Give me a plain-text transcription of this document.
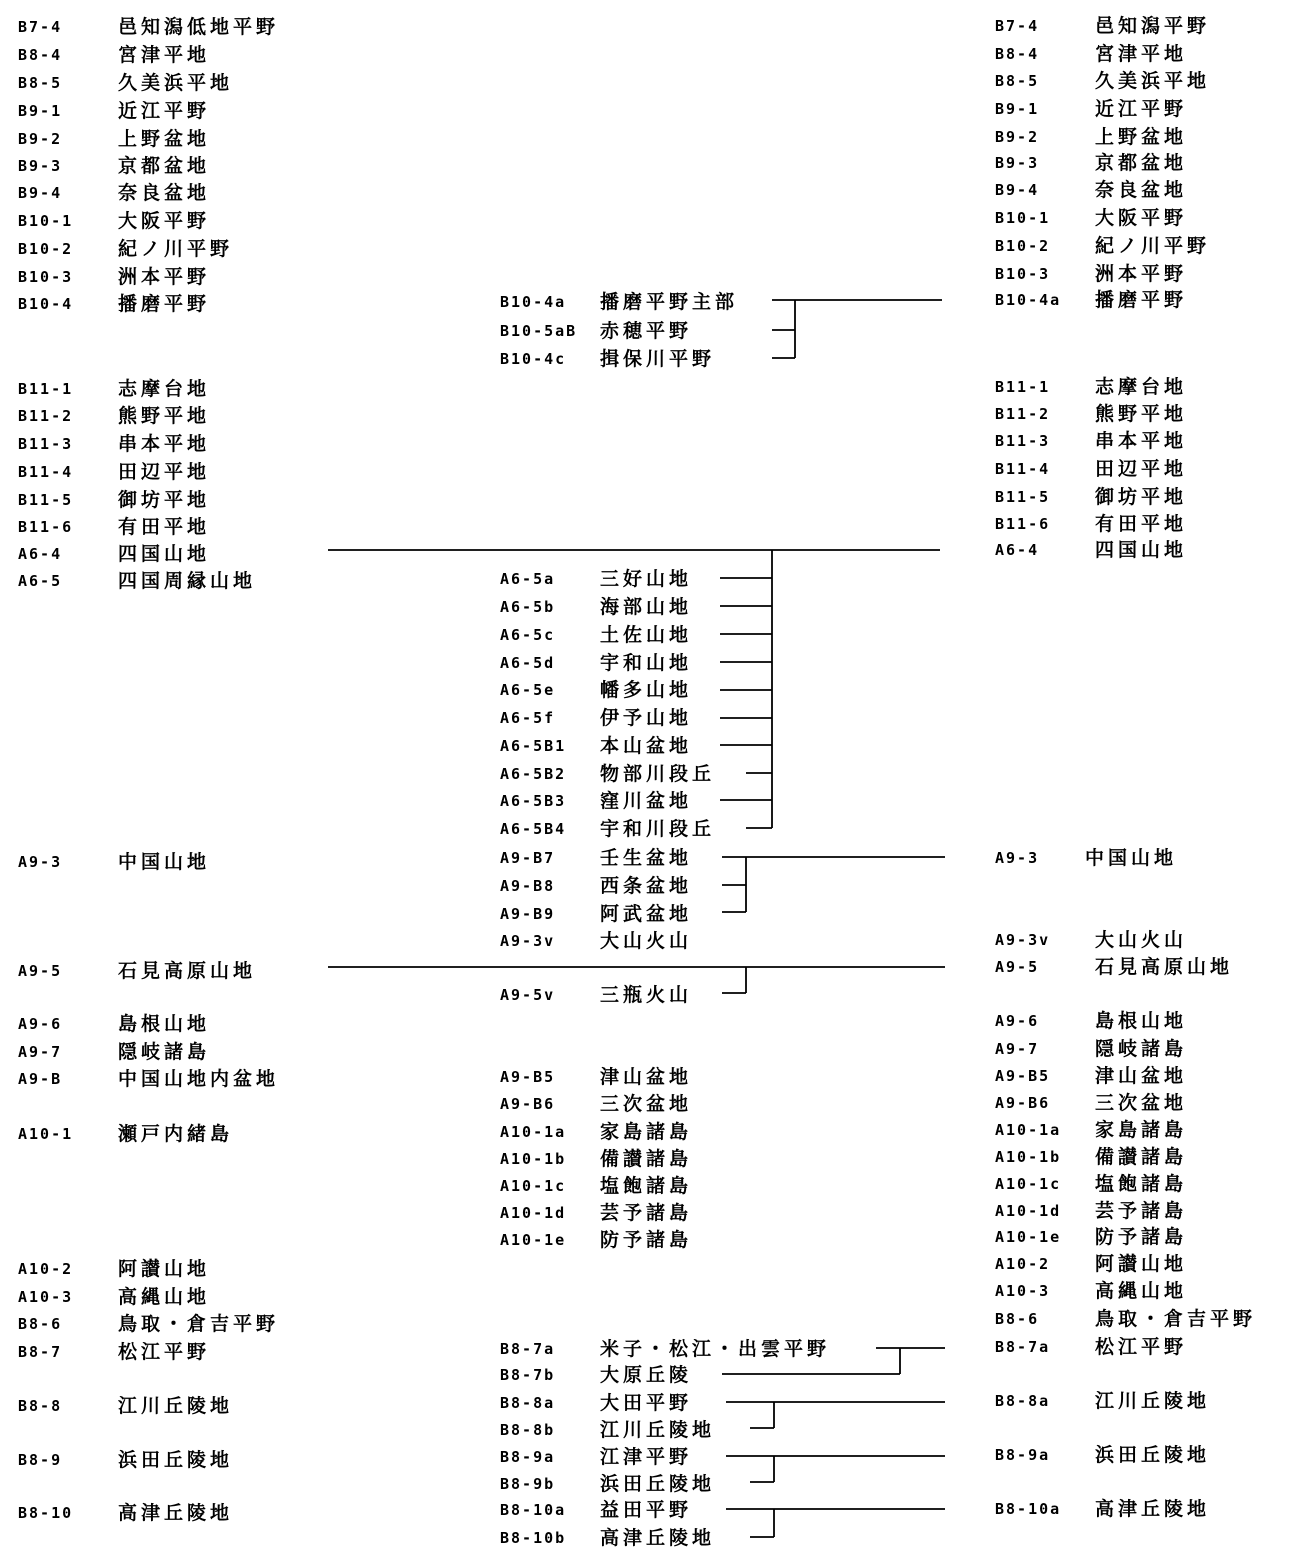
B7-4	邑知潟低地平野
B8-4	宮津平地
B8-5	久美浜平地
B9-1	近江平野
B9-2	上野盆地
B9-3	京都盆地
B9-4	奈良盆地
B10-1 大阪平野
B10-2 紀ノ川平野
B10-3 洲本平野
B10-4 播磨平野
B11-1 志摩台地
B11-2 熊野平地
B11-3 串本平地
B11-4 田辺平地
B11-5 御坊平地
B11-6 有田平地
A6-4	四国山地
A6-5	四国周縁山地
A9-3	中国山地
A9-5	石見高原山地
A9-6	島根山地
A9-7	隠岐諸島
A9-B	中国山地内盆地
A10-1 瀬戸内緒島
A10-2 阿讃山地
A10-3 高縄山地
B8-6	鳥取・倉吉平野
B8-7	松江平野
B8-8	江川丘陵地
B8-9	浜田丘陵地
B8-10 高津丘陵地
B10-4a 播磨平野主部
B10-5aB 赤穂平野
B10-4c 揖保川平野
A6-5a 三好山地
A6-5b 海部山地
A6-5c 土佐山地
A6-5d 宇和山地
A6-5e 幡多山地
A6-5f 伊予山地
A6-5B1 本山盆地
A6-5B2 物部川段丘
A6-5B3 窪川盆地
A6-5B4 宇和川段丘
A9-B7 壬生盆地
A9-B8 西条盆地
A9-B9 阿武盆地
A9-3v 大山火山
A9-5v 三瓶火山
A9-B5 津山盆地
A9-B6 三次盆地
A10-1a 家島諸島
A10-1b 備讃諸島
A10-1c 塩飽諸島
A10-1d 芸予諸島
A10-1e 防予諸島
B8-7a 米子・松江・出雲平野
B8-7b 大原丘陵
B8-8a 大田平野
B8-8b 江川丘陵地
B8-9a 江津平野
B8-9b 浜田丘陵地
B8-10a 益田平野
B8-10b 高津丘陵地
B7-4	邑知潟平野
B8-4	宮津平地
B8-5	久美浜平地
B9-1	近江平野
B9-2	上野盆地
B9-3	京都盆地
B9-4	奈良盆地
B10-1 大阪平野
B10-2 紀ノ川平野
B10-3 洲本平野
B10-4a 播磨平野
B11-1 志摩台地
B11-2 熊野平地
B11-3 串本平地
B11-4 田辺平地
B11-5 御坊平地
B11-6 有田平地
A6-4	四国山地
A9-3 中国山地
A9-3v 大山火山
A9-5	石見高原山地
A9-6	島根山地
A9-7	隠岐諸島
A9-B5 津山盆地
A9-B6 三次盆地
A10-1a 家島諸島
A10-1b 備讃諸島
A10-1c 塩飽諸島
A10-1d 芸予諸島
A10-1e 防予諸島
A10-2 阿讃山地
A10-3 高縄山地
B8-6	鳥取・倉吉平野
B8-7a 松江平野
B8-8a 江川丘陵地
B8-9a 浜田丘陵地
B8-10a 高津丘陵地
